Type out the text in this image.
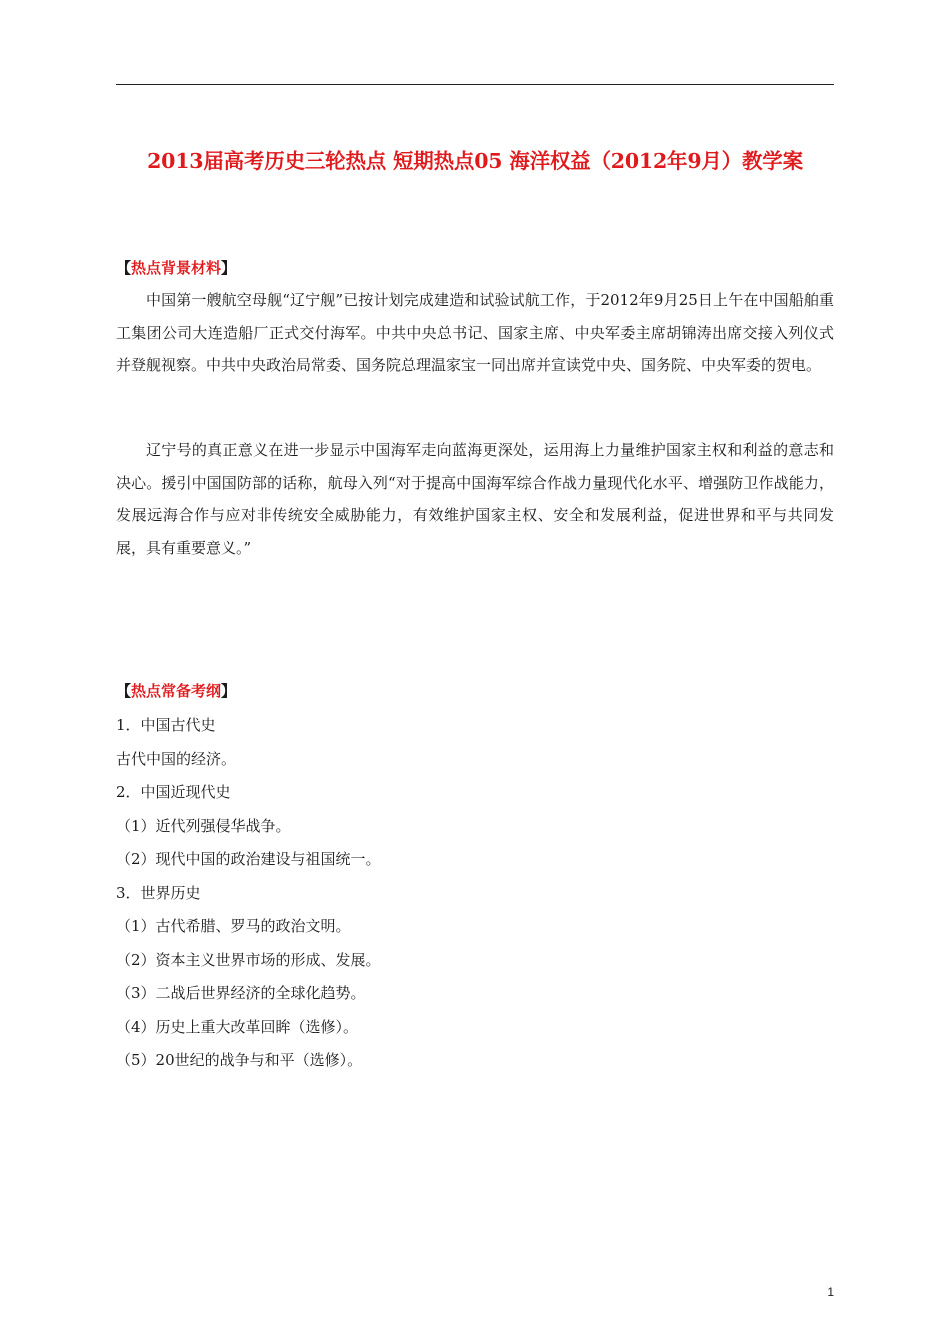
2013届高考历史三轮热点 短期热点05 海洋权益（2012年9月）教学案
【热点背景材料】

中国第一艘航空母舰“辽宁舰”已按计划完成建造和试验试航工作，于2012年9月25日上午在中国船舶重工集团公司大连造船厂正式交付海军。中共中央总书记、国家主席、中央军委主席胡锦涛出席交接入列仪式并登舰视察。中共中央政治局常委、国务院总理温家宝一同出席并宣读党中央、国务院、中央军委的贺电。

辽宁号的真正意义在进一步显示中国海军走向蓝海更深处，运用海上力量维护国家主权和利益的意志和决心。援引中国国防部的话称，航母入列“对于提高中国海军综合作战力量现代化水平、增强防卫作战能力，发展远海合作与应对非传统安全威胁能力，有效维护国家主权、安全和发展利益，促进世界和平与共同发展，具有重要意义。”

【热点常备考纲】
1．中国古代史
古代中国的经济。
2．中国近现代史
（1）近代列强侵华战争。
（2）现代中国的政治建设与祖国统一。
3．世界历史
（1）古代希腊、罗马的政治文明。
（2）资本主义世界市场的形成、发展。
（3）二战后世界经济的全球化趋势。
（4）历史上重大改革回眸（选修）。
（5）20世纪的战争与和平（选修）。
1
